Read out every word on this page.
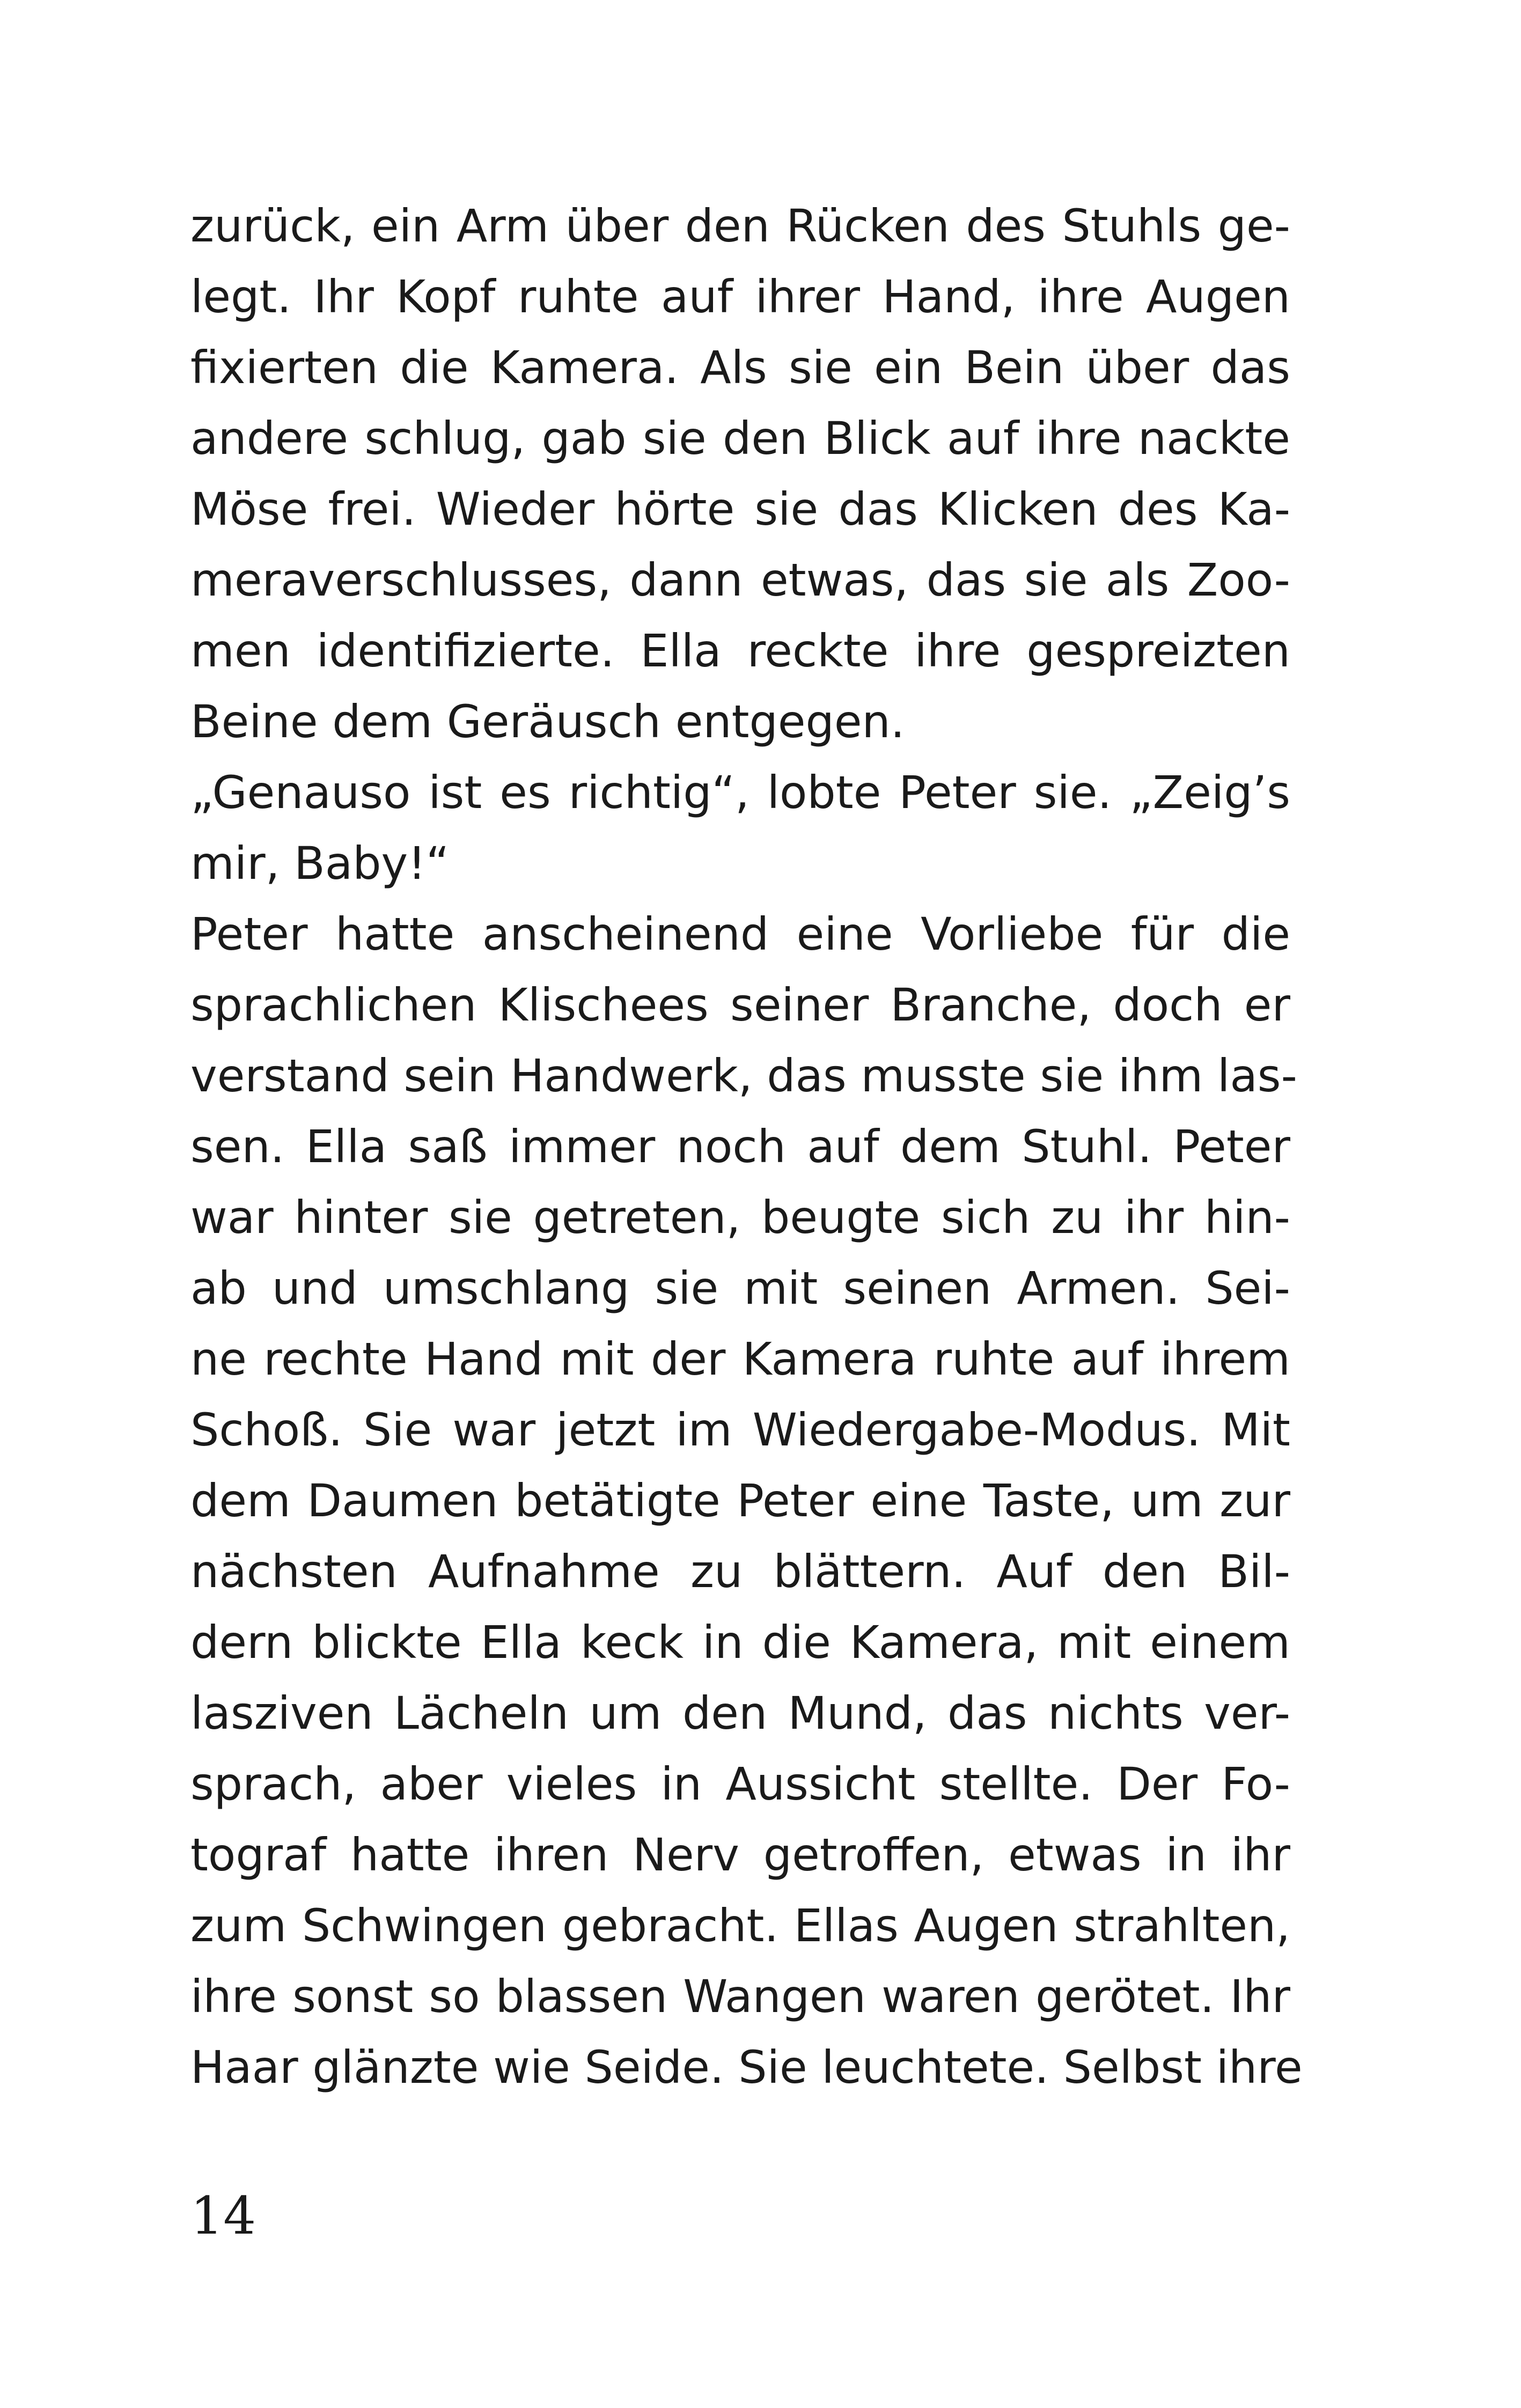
zurück, ein Arm über den Rücken des Stuhls ge-
legt. Ihr Kopf ruhte auf ihrer Hand, ihre Augen
fixierten die Kamera. Als sie ein Bein über das
andere schlug, gab sie den Blick auf ihre nackte
Möse frei. Wieder hörte sie das Klicken des Ka-
meraverschlusses, dann etwas, das sie als Zoo-
men identifizierte. Ella reckte ihre gespreizten
Beine dem Geräusch entgegen.
„Genauso ist es richtig“, lobte Peter sie. „Zeig’s
mir, Baby!“
Peter hatte anscheinend eine Vorliebe für die
sprachlichen Klischees seiner Branche, doch er
verstand sein Handwerk, das musste sie ihm las-
sen. Ella saß immer noch auf dem Stuhl. Peter
war hinter sie getreten, beugte sich zu ihr hin-
ab und umschlang sie mit seinen Armen. Sei-
ne rechte Hand mit der Kamera ruhte auf ihrem
Schoß. Sie war jetzt im Wiedergabe-Modus. Mit
dem Daumen betätigte Peter eine Taste, um zur
nächsten Aufnahme zu blättern. Auf den Bil-
dern blickte Ella keck in die Kamera, mit einem
lasziven Lächeln um den Mund, das nichts ver-
sprach, aber vieles in Aussicht stellte. Der Fo-
tograf hatte ihren Nerv getroffen, etwas in ihr
zum Schwingen gebracht. Ellas Augen strahlten,
ihre sonst so blassen Wangen waren gerötet. Ihr
Haar glänzte wie Seide. Sie leuchtete. Selbst ihre
14
